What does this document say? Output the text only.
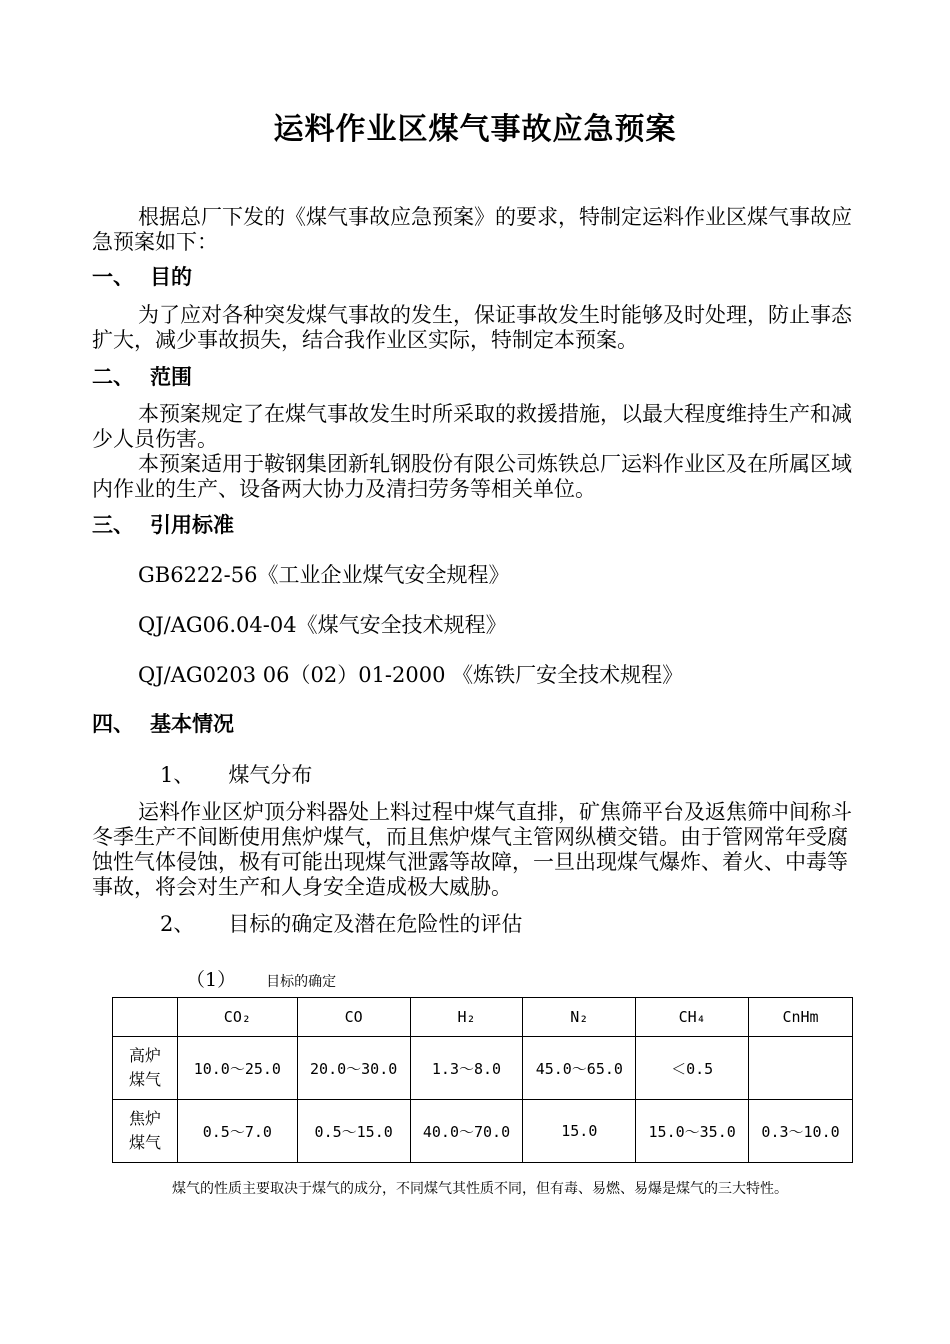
运料作业区煤气事故应急预案
根据总厂下发的《煤气事故应急预案》的要求，特制定运料作业区煤气事故应急预案如下：
一、 目的
为了应对各种突发煤气事故的发生，保证事故发生时能够及时处理，防止事态扩大，减少事故损失，结合我作业区实际，特制定本预案。
二、 范围
本预案规定了在煤气事故发生时所采取的救援措施，以最大程度维持生产和减少人员伤害。
本预案适用于鞍钢集团新轧钢股份有限公司炼铁总厂运料作业区及在所属区域内作业的生产、设备两大协力及清扫劳务等相关单位。
三、 引用标准
GB6222-56《工业企业煤气安全规程》
QJ/AG06.04-04《煤气安全技术规程》
QJ/AG0203 06（02）01-2000 《炼铁厂安全技术规程》
四、 基本情况
1、 煤气分布
运料作业区炉顶分料器处上料过程中煤气直排，矿焦筛平台及返焦筛中间称斗冬季生产不间断使用焦炉煤气，而且焦炉煤气主管网纵横交错。由于管网常年受腐蚀性气体侵蚀，极有可能出现煤气泄露等故障，一旦出现煤气爆炸、着火、中毒等事故，将会对生产和人身安全造成极大威胁。
2、 目标的确定及潜在危险性的评估
（1） 目标的确定
	CO₂	CO	H₂	N₂	CH₄	CnHm

高炉煤气	10.0～25.0	20.0～30.0	1.3～8.0	45.0～65.0	＜0.5	

焦炉煤气	0.5～7.0	0.5～15.0	40.0～70.0	15.0	15.0～35.0	0.3～10.0
煤气的性质主要取决于煤气的成分，不同煤气其性质不同，但有毒、易燃、易爆是煤气的三大特性。
